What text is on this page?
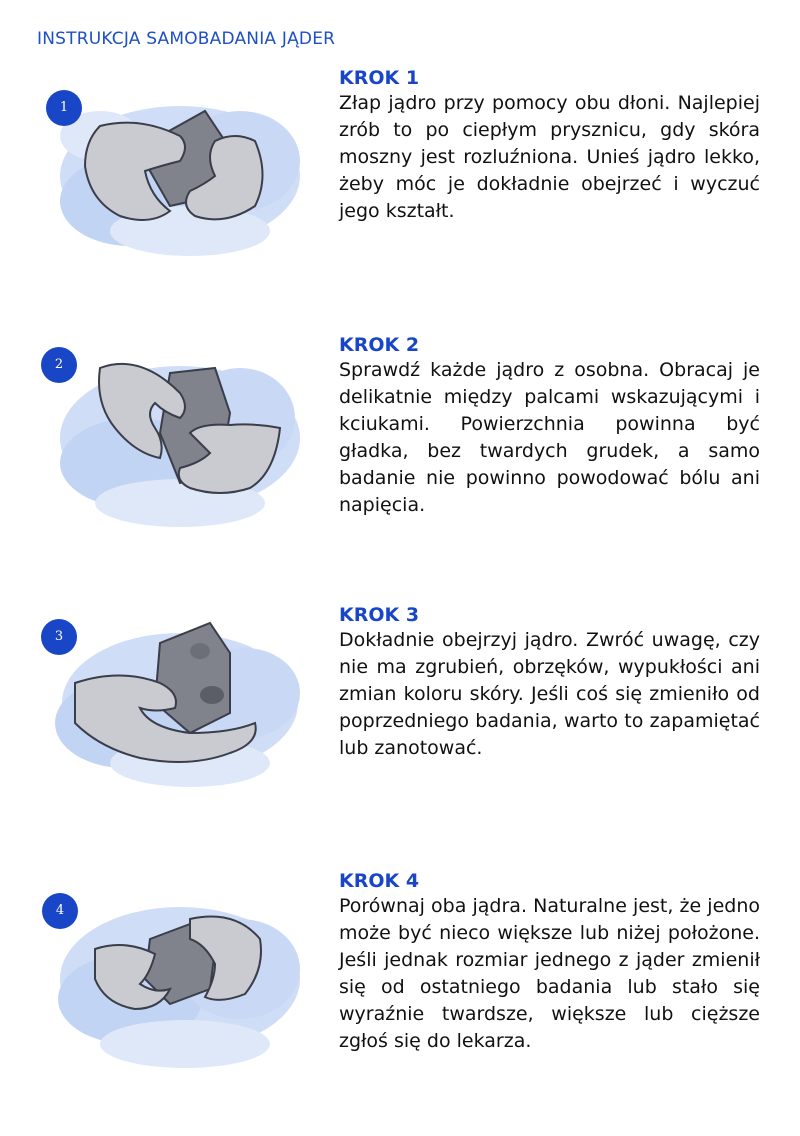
INSTRUKCJA SAMOBADANIA JĄDER
1
KROK 1

Złap jądro przy pomocy obu dłoni. Najlepiej zrób to po ciepłym prysznicu, gdy skóra moszny jest rozluźniona. Unieś jądro lekko, żeby móc je dokładnie obejrzeć i wyczuć jego kształt.

2
KROK 2

Sprawdź każde jądro z osobna. Obracaj je delikatnie między palcami wskazującymi i kciukami. Powierzchnia powinna być gładka, bez twardych grudek, a samo badanie nie powinno powodować bólu ani napięcia.

3
KROK 3

Dokładnie obejrzyj jądro. Zwróć uwagę, czy nie ma zgrubień, obrzęków, wypukłości ani zmian koloru skóry. Jeśli coś się zmieniło od poprzedniego badania, warto to zapamiętać lub zanotować.

4
KROK 4

Porównaj oba jądra. Naturalne jest, że jedno może być nieco większe lub niżej położone. Jeśli jednak rozmiar jednego z jąder zmienił się od ostatniego badania lub stało się wyraźnie twardsze, większe lub cięższe zgłoś się do lekarza.
